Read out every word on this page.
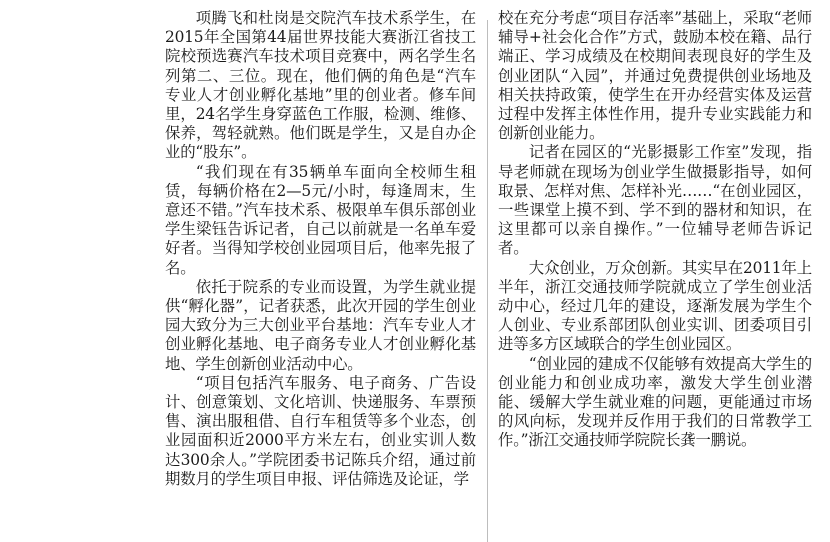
项腾飞和杜岗是交院汽车技术系学生，在2015年全国第44届世界技能大赛浙江省技工院校预选赛汽车技术项目竞赛中，两名学生名列第二、三位。现在，他们俩的角色是“汽车专业人才创业孵化基地”里的创业者。修车间里，24名学生身穿蓝色工作服，检测、维修、保养，驾轻就熟。他们既是学生，又是自办企业的“股东”。

“我们现在有35辆单车面向全校师生租赁，每辆价格在2—5元/小时，每逢周末，生意还不错。”汽车技术系、极限单车俱乐部创业学生梁钰告诉记者，自己以前就是一名单车爱好者。当得知学校创业园项目后，他率先报了名。

依托于院系的专业而设置，为学生就业提供“孵化器”，记者获悉，此次开园的学生创业园大致分为三大创业平台基地：汽车专业人才创业孵化基地、电子商务专业人才创业孵化基地、学生创新创业活动中心。

“项目包括汽车服务、电子商务、广告设计、创意策划、文化培训、快递服务、车票预售、演出服租借、自行车租赁等多个业态，创业园面积近2000平方米左右，创业实训人数达300余人。”学院团委书记陈兵介绍，通过前期数月的学生项目申报、评估筛选及论证，学

校在充分考虑“项目存活率”基础上，采取“老师辅导+社会化合作”方式，鼓励本校在籍、品行端正、学习成绩及在校期间表现良好的学生及创业团队“入园”，并通过免费提供创业场地及相关扶持政策，使学生在开办经营实体及运营过程中发挥主体性作用，提升专业实践能力和创新创业能力。

记者在园区的“光影摄影工作室”发现，指导老师就在现场为创业学生做摄影指导，如何取景、怎样对焦、怎样补光……“在创业园区，一些课堂上摸不到、学不到的器材和知识，在这里都可以亲自操作。”一位辅导老师告诉记者。

大众创业，万众创新。其实早在2011年上半年，浙江交通技师学院就成立了学生创业活动中心，经过几年的建设，逐渐发展为学生个人创业、专业系部团队创业实训、团委项目引进等多方区域联合的学生创业园区。

“创业园的建成不仅能够有效提高大学生的创业能力和创业成功率，激发大学生创业潜能、缓解大学生就业难的问题，更能通过市场的风向标，发现并反作用于我们的日常教学工作。”浙江交通技师学院院长龚一鹏说。
